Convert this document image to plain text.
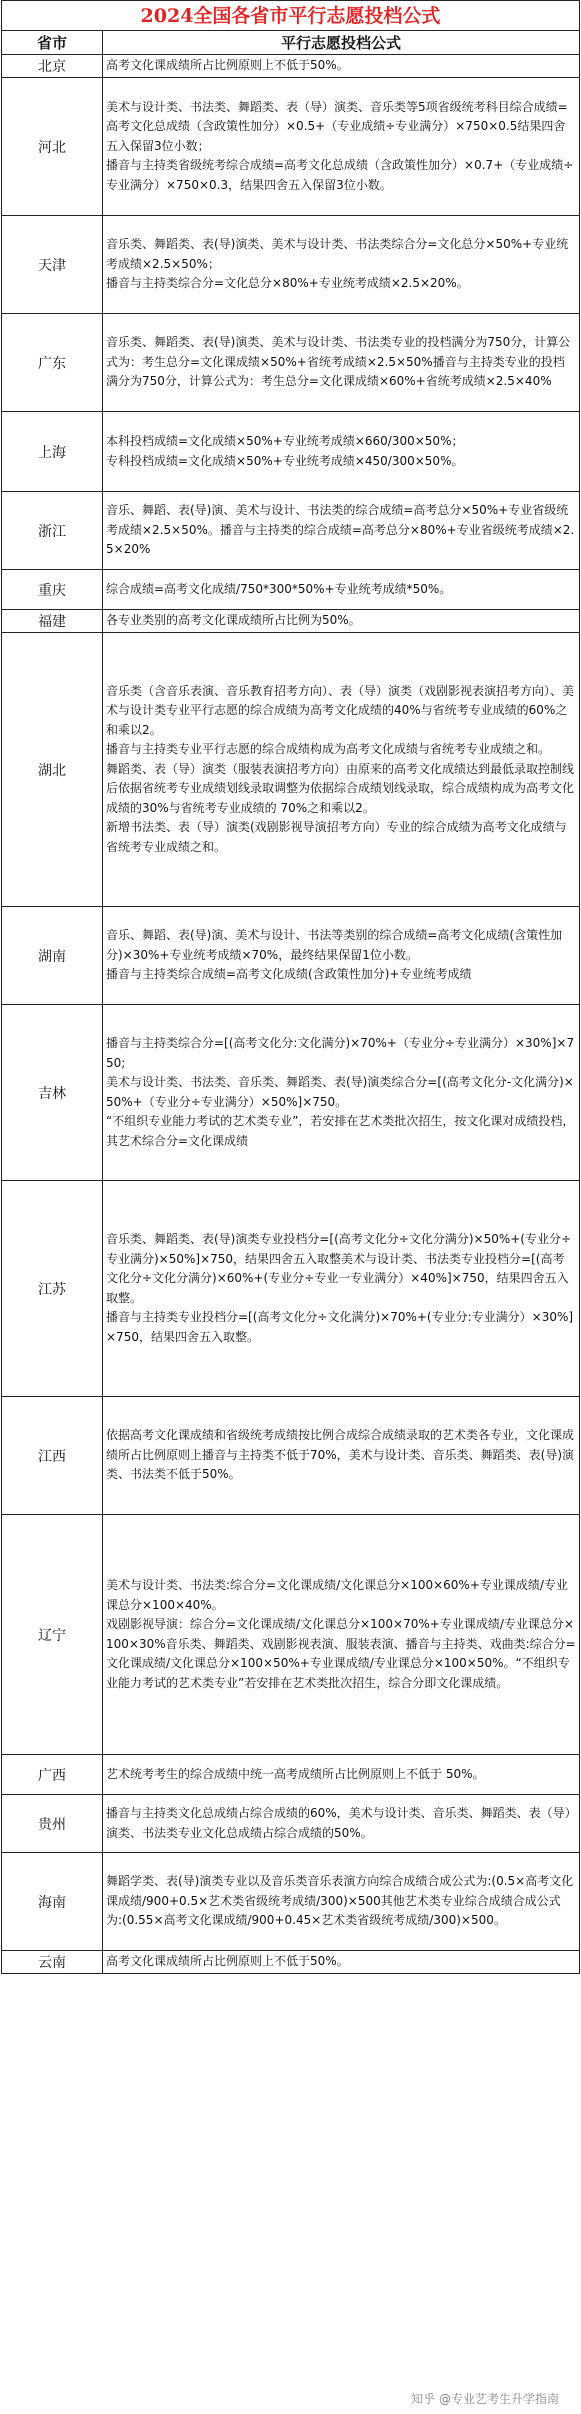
2024全国各省市平行志愿投档公式
省市	平行志愿投档公式
北京	高考文化课成绩所占比例原则上不低于50%。

河北	美术与设计类、书法类、舞蹈类、表（导）演类、音乐类等5项省级统考科目综合成绩=高考文化总成绩（含政策性加分）×0.5+（专业成绩÷专业满分）×750×0.5结果四舍五入保留3位小数；

播音与主持类省级统考综合成绩=高考文化总成绩（含政策性加分）×0.7+（专业成绩÷专业满分）×750×0.3，结果四舍五入保留3位小数。

天津	音乐类、舞蹈类、表(导)演类、美术与设计类、书法类综合分=文化总分×50%+专业统考成绩×2.5×50%；

播音与主持类综合分=文化总分×80%+专业统考成绩×2.5×20%。

广东	音乐类、舞蹈类、表(导)演类、美术与设计类、书法类专业的投档满分为750分，计算公式为：考生总分=文化课成绩×50%+省统考成绩×2.5×50%播音与主持类专业的投档满分为750分，计算公式为：考生总分=文化课成绩×60%+省统考成绩×2.5×40%

上海	本科投档成绩=文化成绩×50%+专业统考成绩×660/300×50%；

专科投档成绩=文化成绩×50%+专业统考成绩×450/300×50%。

浙江	音乐、舞蹈、表(导)演、美术与设计、书法类的综合成绩=高考总分×50%+专业省级统考成绩×2.5×50%。播音与主持类的综合成绩=高考总分×80%+专业省级统考成绩×2.5×20%

重庆	综合成绩=高考文化成绩/750*300*50%+专业统考成绩*50%。

福建	各专业类别的高考文化课成绩所占比例为50%。

湖北	音乐类（含音乐表演、音乐教育招考方向）、表（导）演类（戏剧影视表演招考方向）、美术与设计类专业平行志愿的综合成绩为高考文化成绩的40%与省统考专业成绩的60%之和乘以2。

播音与主持类专业平行志愿的综合成绩构成为高考文化成绩与省统考专业成绩之和。

舞蹈类、表（导）演类（服装表演招考方向）由原来的高考文化成绩达到最低录取控制线后依据省统考专业成绩划线录取调整为依据综合成绩划线录取，综合成绩构成为高考文化成绩的30%与省统考专业成绩的 70%之和乘以2。

新增书法类、表（导）演类(戏剧影视导演招考方向）专业的综合成绩为高考文化成绩与省统考专业成绩之和。

湖南	音乐、舞蹈、表(导)演、美术与设计、书法等类别的综合成绩=高考文化成绩(含策性加分)×30%+专业统考成绩×70%，最终结果保留1位小数。

播音与主持类综合成绩=高考文化成绩(含政策性加分)+专业统考成绩

吉林	播音与主持类综合分=[(高考文化分:文化满分)×70%+（专业分÷专业满分）×30%]×750;

美术与设计类、书法类、音乐类、舞蹈类、表(导)演类综合分=[(高考文化分-文化满分)×50%+（专业分÷专业满分）×50%]×750。

“不组织专业能力考试的艺术类专业”，若安排在艺术类批次招生，按文化课对成绩投档，其艺术综合分=文化课成绩

江苏	音乐类、舞蹈类、表(导)演类专业投档分=[(高考文化分÷文化分满分)×50%+(专业分÷专业满分)×50%]×750，结果四舍五入取整美术与设计类、书法类专业投档分=[(高考文化分÷文化分满分)×60%+(专业分÷专业一专业满分）×40%]×750，结果四舍五入取整。

播音与主持类专业投档分=[(高考文化分÷文化满分)×70%+(专业分:专业满分）×30%]×750，结果四舍五入取整。

江西	依据高考文化课成绩和省级统考成绩按比例合成综合成绩录取的艺术类各专业，文化课成绩所占比例原则上播音与主持类不低于70%，美术与设计类、音乐类、舞蹈类、表(导)演类、书法类不低于50%。

辽宁	美术与设计类、书法类:综合分=文化课成绩/文化课总分×100×60%+专业课成绩/专业课总分×100×40%。

戏剧影视导演：综合分=文化课成绩/文化课总分×100×70%+专业课成绩/专业课总分×100×30%音乐类、舞蹈类、戏剧影视表演、服装表演、播音与主持类、戏曲类:综合分=文化课成绩/文化课总分×100×50%+专业课成绩/专业课总分×100×50%。“不组织专业能力考试的艺术类专业”若安排在艺术类批次招生，综合分即文化课成绩。

广西	艺术统考考生的综合成绩中统一高考成绩所占比例原则上不低于 50%。

贵州	播音与主持类文化总成绩占综合成绩的60%，美术与设计类、音乐类、舞蹈类、表（导）演类、书法类专业文化总成绩占综合成绩的50%。

海南	舞蹈学类、表(导)演类专业以及音乐类音乐表演方向综合成绩合成公式为:(0.5×高考文化课成绩/900+0.5×艺术类省级统考成绩/300)×500其他艺术类专业综合成绩合成公式为:(0.55×高考文化课成绩/900+0.45×艺术类省级统考成绩/300)×500。

云南	高考文化课成绩所占比例原则上不低于50%。

知乎 @专业艺考生升学指南
